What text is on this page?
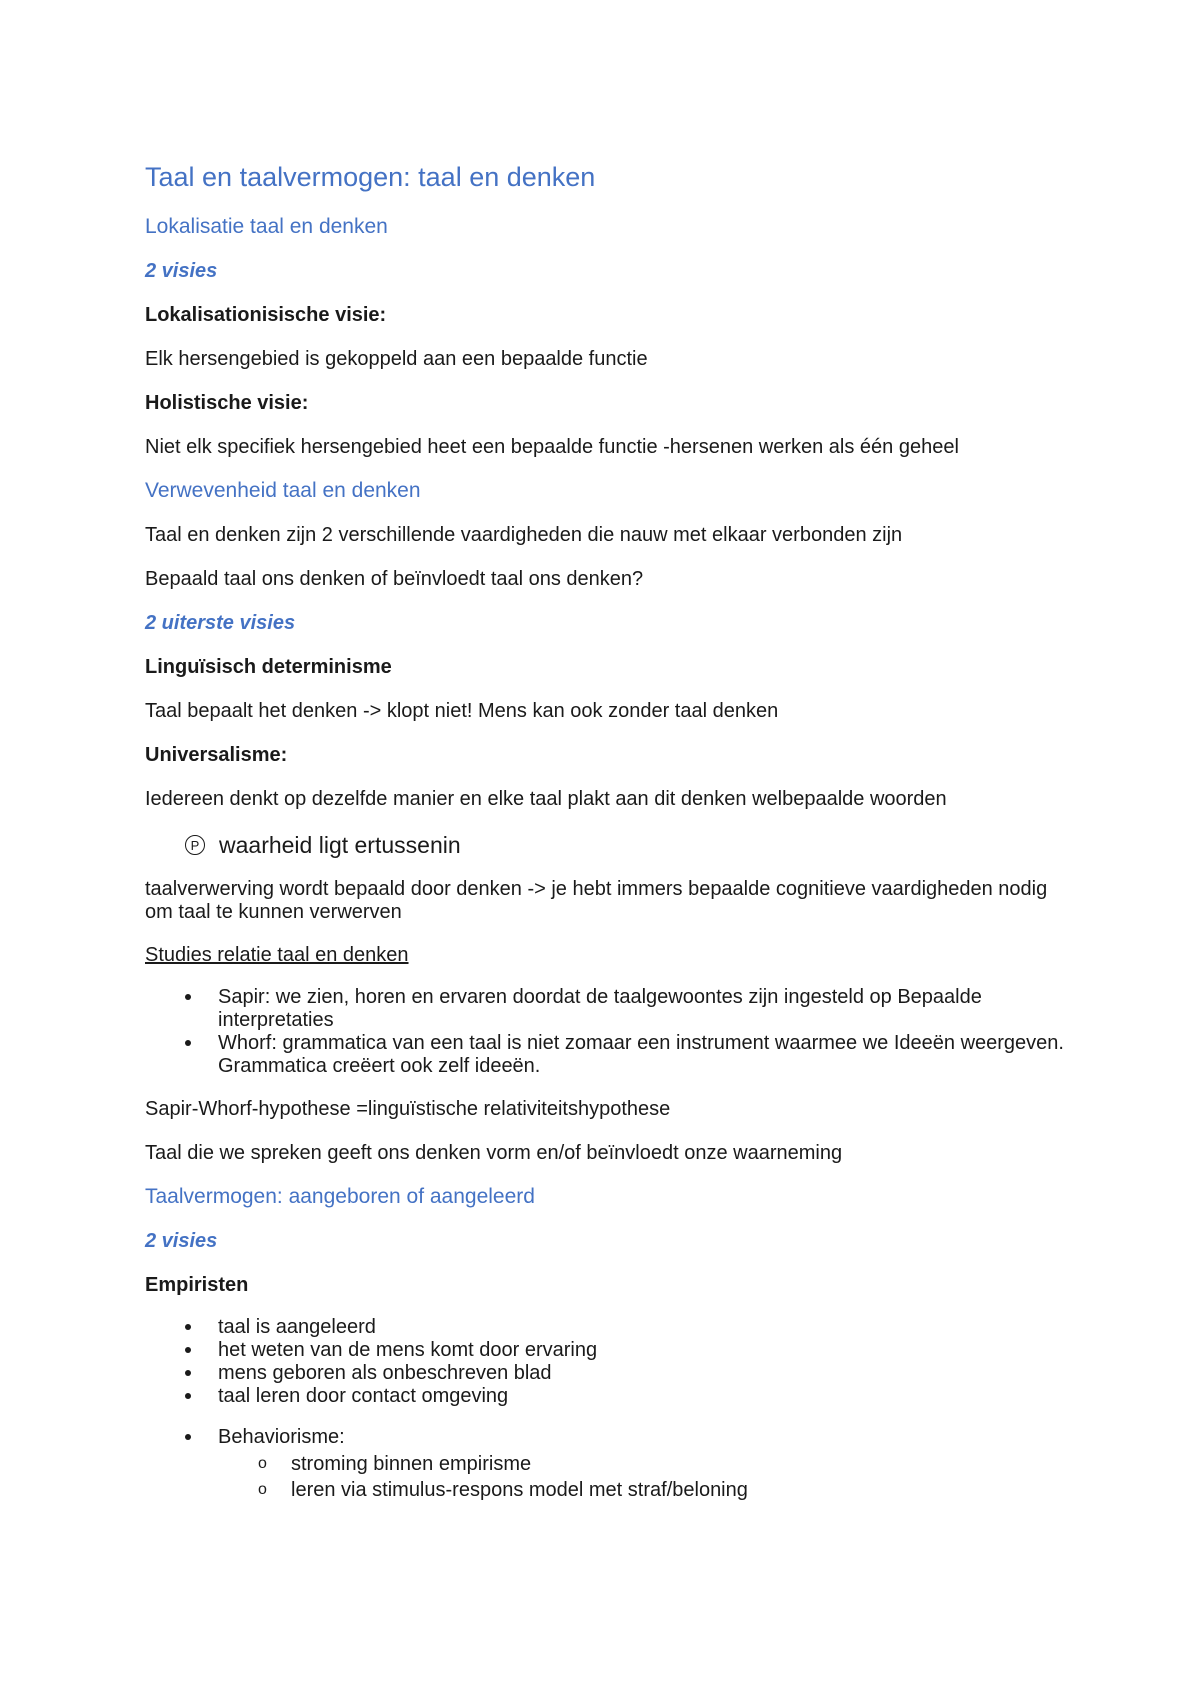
Taal en taalvermogen: taal en denken
Lokalisatie taal en denken
2 visies
Lokalisationisische visie:
Elk hersengebied is gekoppeld aan een bepaalde functie
Holistische visie:
Niet elk specifiek hersengebied heet een bepaalde functie -hersenen werken als één geheel
Verwevenheid taal en denken
Taal en denken zijn 2 verschillende vaardigheden die nauw met elkaar verbonden zijn
Bepaald taal ons denken of beïnvloedt taal ons denken?
2 uiterste visies
Linguïsisch determinisme
Taal bepaalt het denken -> klopt niet! Mens kan ook zonder taal denken
Universalisme:
Iedereen denkt op dezelfde manier en elke taal plakt aan dit denken welbepaalde woorden
P waarheid ligt ertussenin
taalverwerving wordt bepaald door denken -> je hebt immers bepaalde cognitieve vaardigheden nodig om taal te kunnen verwerven
Studies relatie taal en denken
Sapir: we zien, horen en ervaren doordat de taalgewoontes zijn ingesteld op Bepaalde interpretaties
Whorf: grammatica van een taal is niet zomaar een instrument waarmee we Ideeën weergeven. Grammatica creëert ook zelf ideeën.
Sapir-Whorf-hypothese =linguïstische relativiteitshypothese
Taal die we spreken geeft ons denken vorm en/of beïnvloedt onze waarneming
Taalvermogen: aangeboren of aangeleerd
2 visies
Empiristen
taal is aangeleerd
het weten van de mens komt door ervaring
mens geboren als onbeschreven blad
taal leren door contact omgeving
Behaviorisme:
o stroming binnen empirisme
o leren via stimulus-respons model met straf/beloning
